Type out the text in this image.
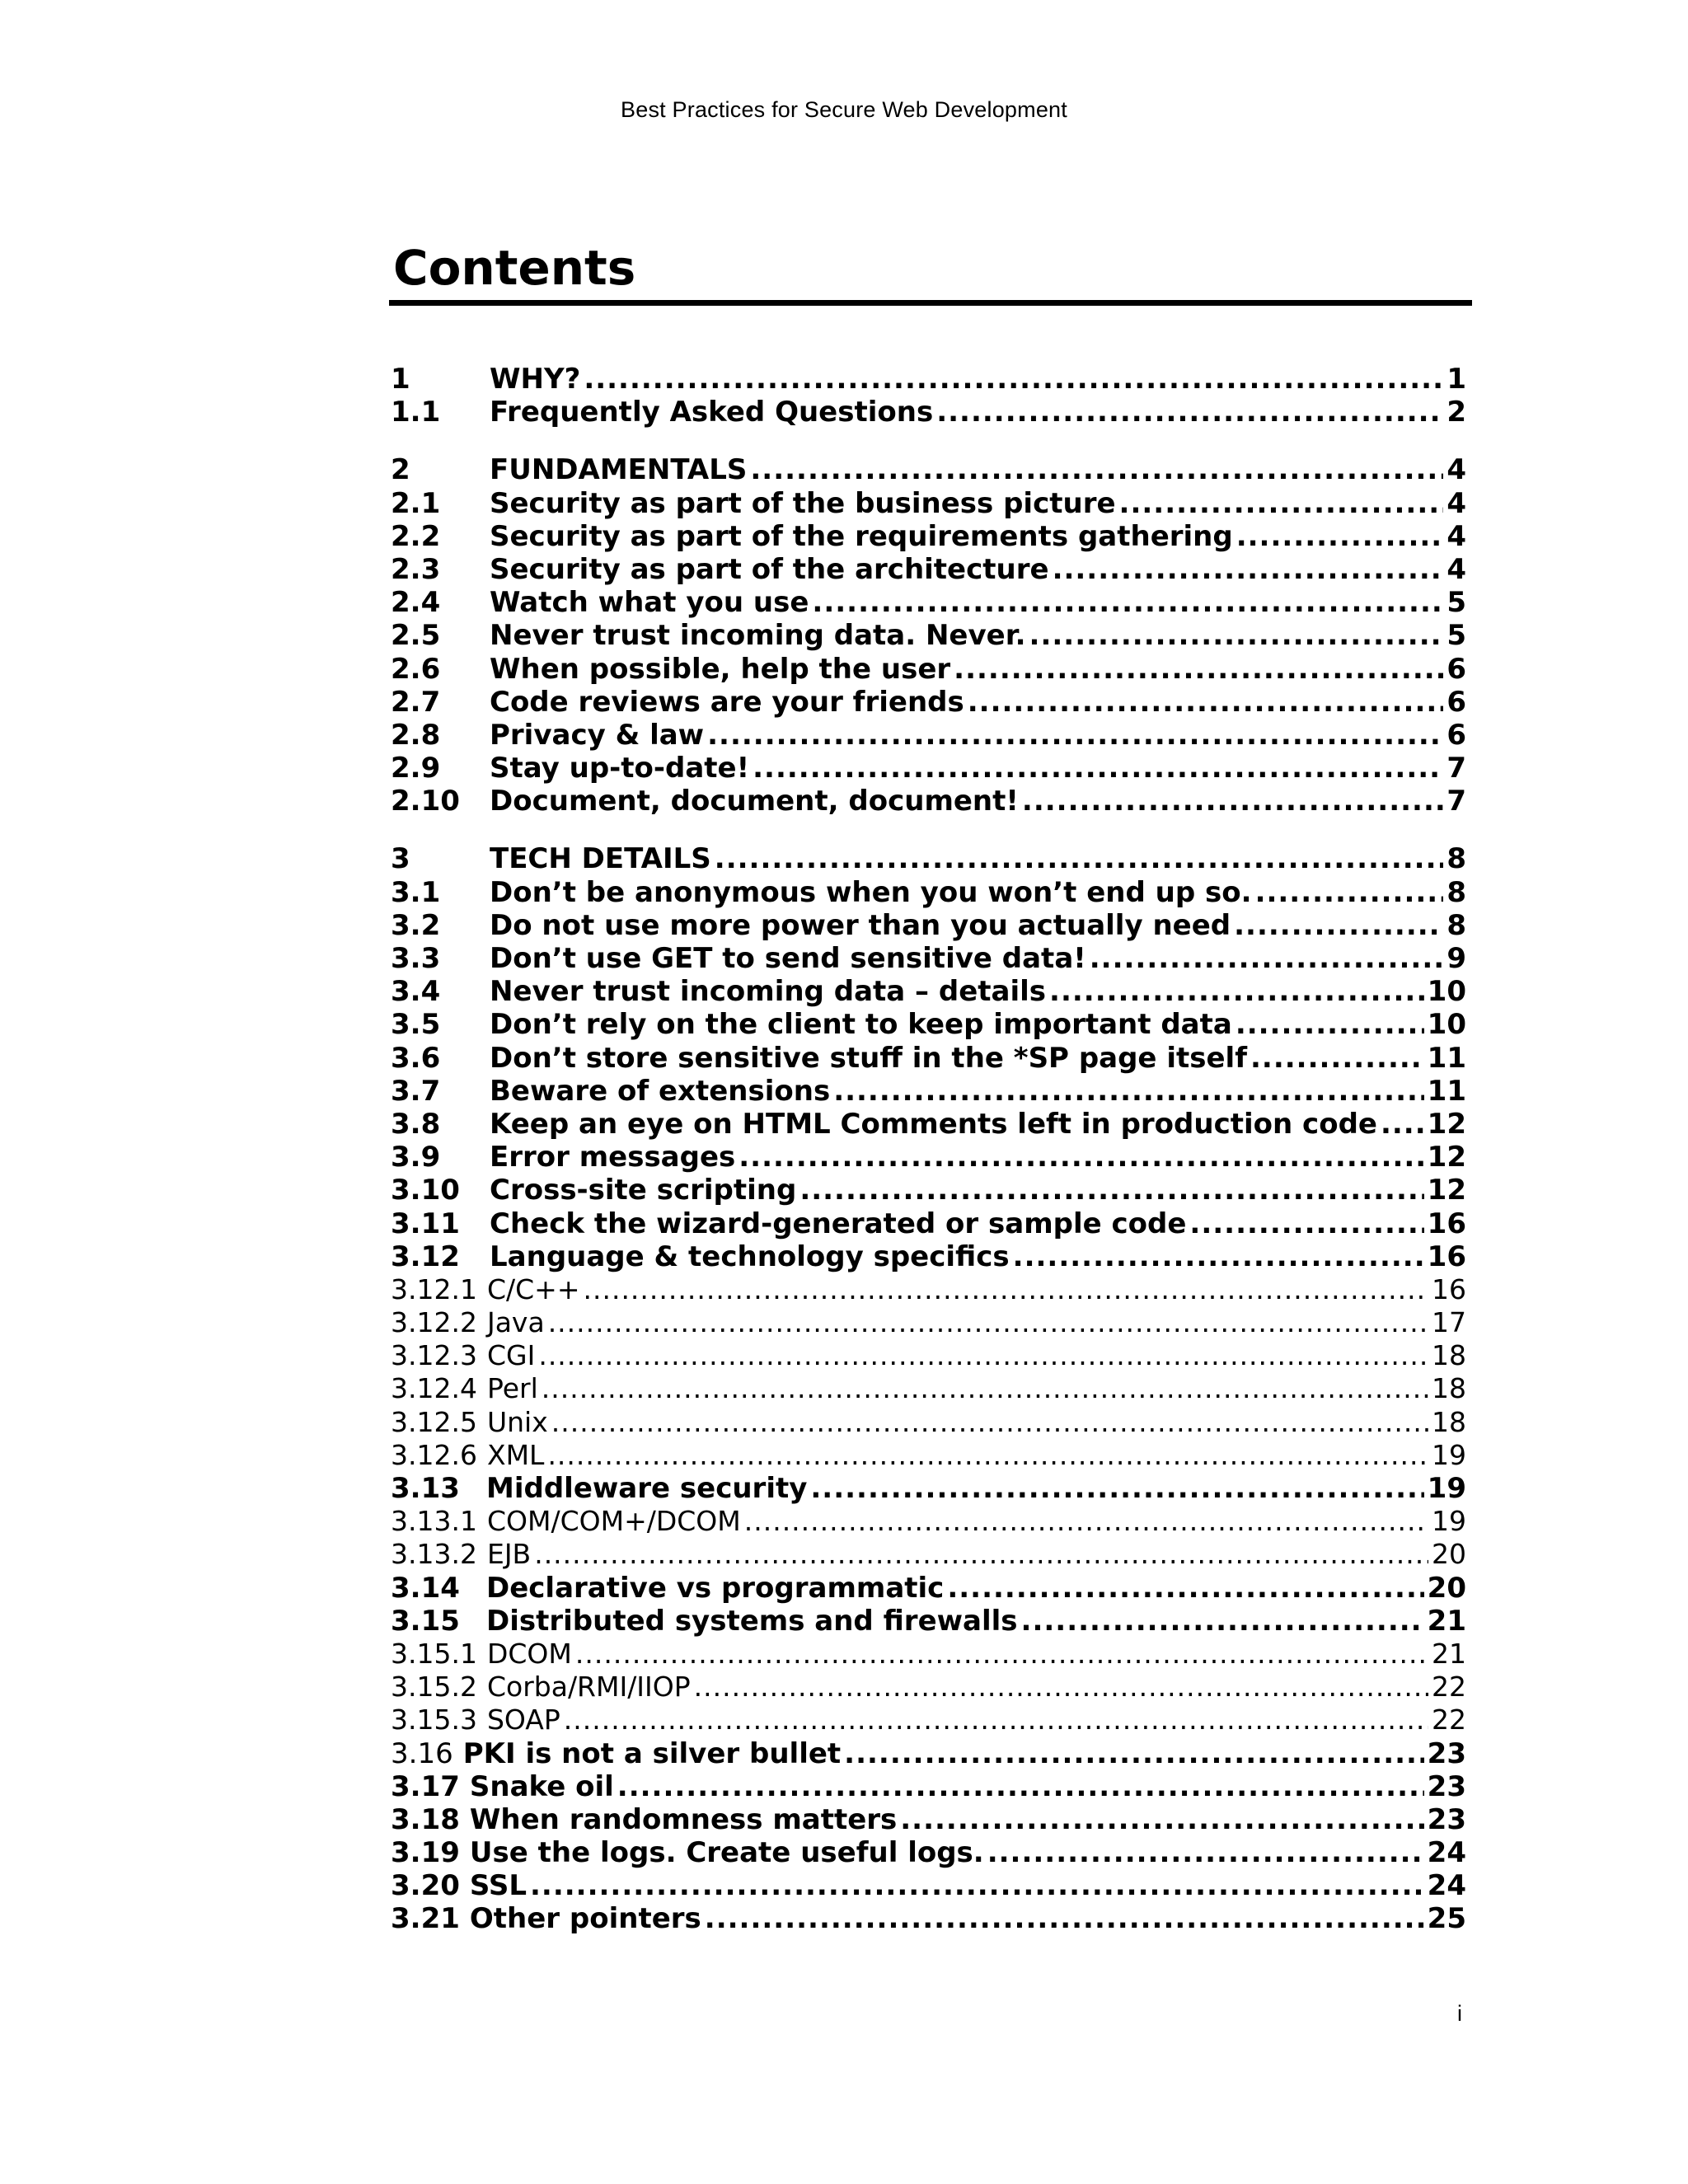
Best Practices for Secure Web Development
Contents
1	WHY? .....	1
1.1	Frequently Asked Questions .....	2
2	FUNDAMENTALS .....	4
2.1	Security as part of the business picture .....	4
2.2	Security as part of the requirements gathering .....	4
2.3	Security as part of the architecture .....	4
2.4	Watch what you use .....	5
2.5	Never trust incoming data. Never. .....	5
2.6	When possible, help the user .....	6
2.7	Code reviews are your friends .....	6
2.8	Privacy & law .....	6
2.9	Stay up-to-date! .....	7
2.10	Document, document, document! .....	7
3	TECH DETAILS .....	8
3.1	Don’t be anonymous when you won’t end up so. .....	8
3.2	Do not use more power than you actually need .....	8
3.3	Don’t use GET to send sensitive data! .....	9
3.4	Never trust incoming data – details .....	10
3.5	Don’t rely on the client to keep important data .....	10
3.6	Don’t store sensitive stuff in the *SP page itself .....	11
3.7	Beware of extensions .....	11
3.8	Keep an eye on HTML Comments left in production code ..... 12
3.9	Error messages .....	12
3.10	Cross-site scripting .....	12
3.11	Check the wizard-generated or sample code .....	16
3.12	Language & technology specifics .....	16
3.12.1 C/C++ .....	16
3.12.2 Java .....	17
3.12.3 CGI .....	18
3.12.4 Perl .....	18
3.12.5 Unix .....	18
3.12.6 XML .....	19
3.13 Middleware security .....	19
3.13.1 COM/COM+/DCOM .....	19
3.13.2 EJB .....	20
3.14 Declarative vs programmatic .....	20
3.15 Distributed systems and firewalls .....	21
3.15.1 DCOM .....	21
3.15.2 Corba/RMI/IIOP .....	22
3.15.3 SOAP .....	22
3.16 PKI is not a silver bullet .....	23
3.17 Snake oil .....	23
3.18 When randomness matters .....	23
3.19 Use the logs. Create useful logs. .....	24
3.20 SSL .....	24
3.21 Other pointers .....	25
i
